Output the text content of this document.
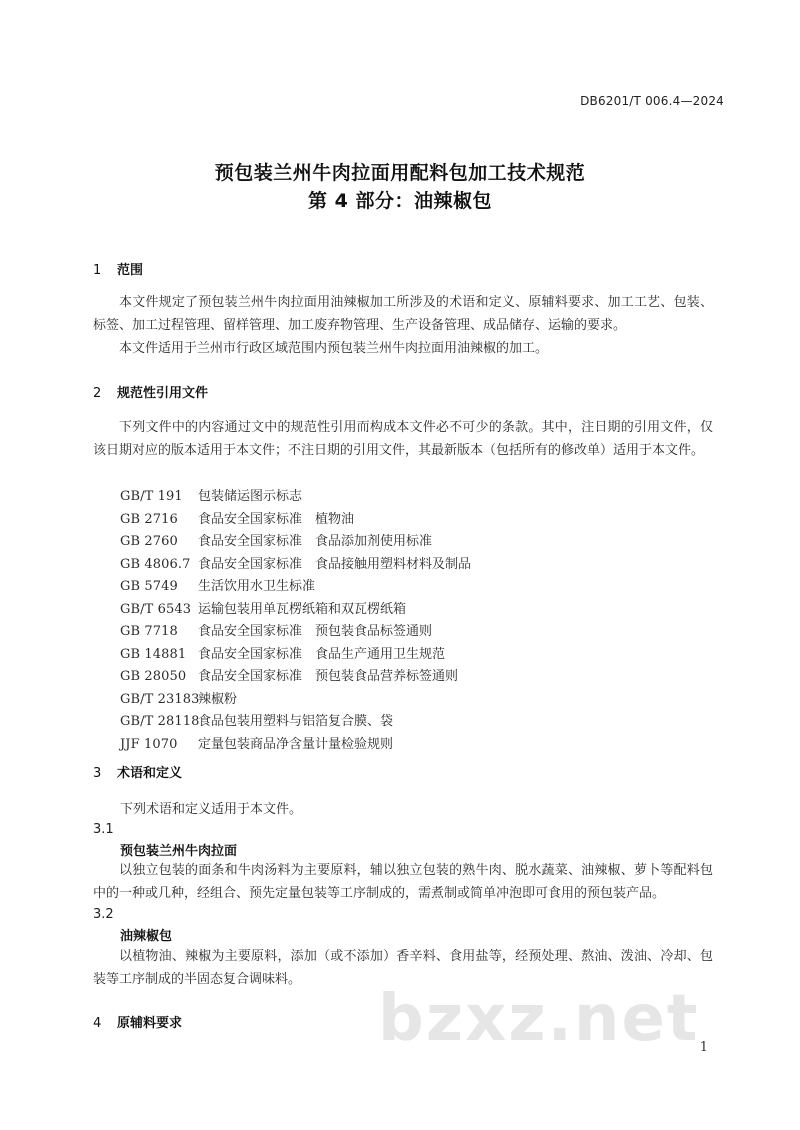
DB6201/T 006.4—2024
预包装兰州牛肉拉面用配料包加工技术规范
第 4 部分：油辣椒包
1 范围
本文件规定了预包装兰州牛肉拉面用油辣椒加工所涉及的术语和定义、原辅料要求、加工工艺、包装、标签、加工过程管理、留样管理、加工废弃物管理、生产设备管理、成品储存、运输的要求。
本文件适用于兰州市行政区域范围内预包装兰州牛肉拉面用油辣椒的加工。
2 规范性引用文件
下列文件中的内容通过文中的规范性引用而构成本文件必不可少的条款。其中，注日期的引用文件，仅该日期对应的版本适用于本文件；不注日期的引用文件，其最新版本（包括所有的修改单）适用于本文件。
GB/T 191 包装储运图示标志
GB 2716 食品安全国家标准　植物油
GB 2760 食品安全国家标准　食品添加剂使用标准
GB 4806.7 食品安全国家标准　食品接触用塑料材料及制品
GB 5749 生活饮用水卫生标准
GB/T 6543 运输包装用单瓦楞纸箱和双瓦楞纸箱
GB 7718 食品安全国家标准　预包装食品标签通则
GB 14881 食品安全国家标准　食品生产通用卫生规范
GB 28050 食品安全国家标准　预包装食品营养标签通则
GB/T 23183辣椒粉
GB/T 28118食品包装用塑料与铝箔复合膜、袋
JJF 1070 定量包装商品净含量计量检验规则
3 术语和定义
下列术语和定义适用于本文件。
3.1
预包装兰州牛肉拉面
以独立包装的面条和牛肉汤料为主要原料，辅以独立包装的熟牛肉、脱水蔬菜、油辣椒、萝卜等配料包中的一种或几种，经组合、预先定量包装等工序制成的，需煮制或简单冲泡即可食用的预包装产品。
3.2
油辣椒包
以植物油、辣椒为主要原料，添加（或不添加）香辛料、食用盐等，经预处理、熬油、泼油、冷却、包装等工序制成的半固态复合调味料。
4 原辅料要求	bzxz.net 1
